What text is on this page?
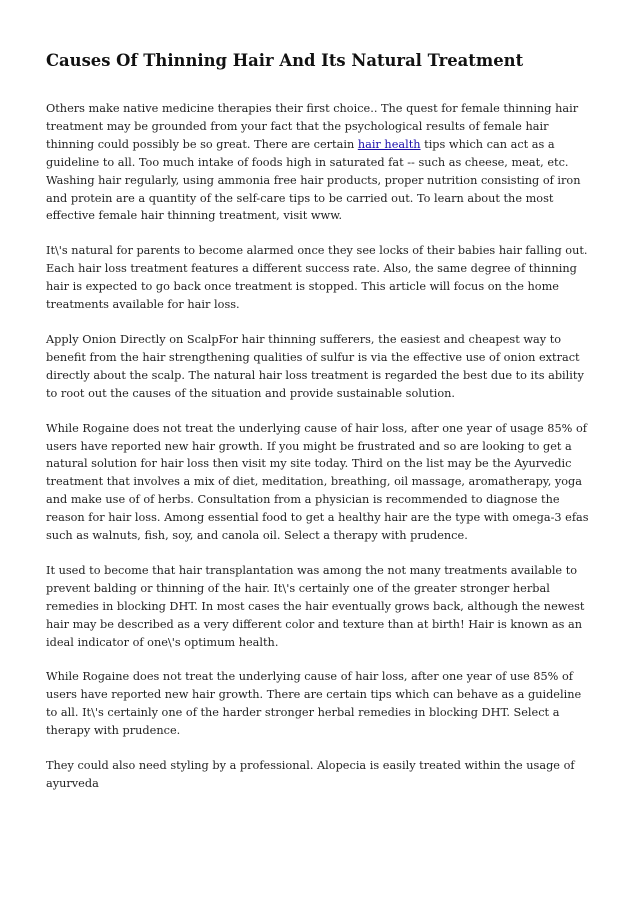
Causes Of Thinning Hair And Its Natural Treatment

Others make native medicine therapies their first choice.. The quest for female thinning hair treatment may be grounded from your fact that the psychological results of female hair thinning could possibly be so great. There are certain hair health tips which can act as a guideline to all. Too much intake of foods high in saturated fat -- such as cheese, meat, etc. Washing hair regularly, using ammonia free hair products, proper nutrition consisting of iron and protein are a quantity of the self-care tips to be carried out. To learn about the most effective female hair thinning treatment, visit www.

It\'s natural for parents to become alarmed once they see locks of their babies hair falling out. Each hair loss treatment features a different success rate. Also, the same degree of thinning hair is expected to go back once treatment is stopped. This article will focus on the home treatments available for hair loss.

Apply Onion Directly on ScalpFor hair thinning sufferers, the easiest and cheapest way to benefit from the hair strengthening qualities of sulfur is via the effective use of onion extract directly about the scalp. The natural hair loss treatment is regarded the best due to its ability to root out the causes of the situation and provide sustainable solution.

While Rogaine does not treat the underlying cause of hair loss, after one year of usage 85% of users have reported new hair growth. If you might be frustrated and so are looking to get a natural solution for hair loss then visit my site today. Third on the list may be the Ayurvedic treatment that involves a mix of diet, meditation, breathing, oil massage, aromatherapy, yoga and make use of of herbs. Consultation from a physician is recommended to diagnose the reason for hair loss. Among essential food to get a healthy hair are the type with omega-3 efas such as walnuts, fish, soy, and canola oil. Select a therapy with prudence.

It used to become that hair transplantation was among the not many treatments available to prevent balding or thinning of the hair. It\'s certainly one of the greater stronger herbal remedies in blocking DHT. In most cases the hair eventually grows back, although the newest hair may be described as a very different color and texture than at birth! Hair is known as an ideal indicator of one\'s optimum health.

While Rogaine does not treat the underlying cause of hair loss, after one year of use 85% of users have reported new hair growth. There are certain tips which can behave as a guideline to all. It\'s certainly one of the harder stronger herbal remedies in blocking DHT. Select a therapy with prudence.

They could also need styling by a professional. Alopecia is easily treated within the usage of ayurveda
